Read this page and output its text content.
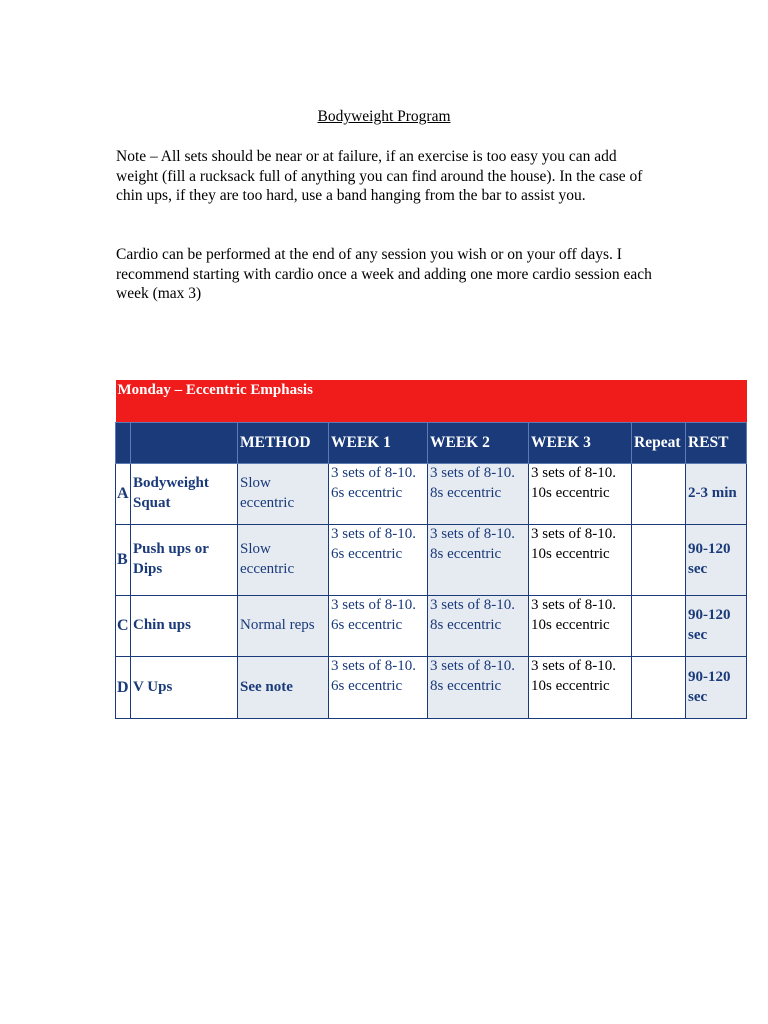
Bodyweight Program

Note – All sets should be near or at failure, if an exercise is too easy you can add weight (fill a rucksack full of anything you can find around the house). In the case of chin ups, if they are too hard, use a band hanging from the bar to assist you.

Cardio can be performed at the end of any session you wish or on your off days. I recommend starting with cardio once a week and adding one more cardio session each week (max 3)

Monday – Eccentric Emphasis							

		METHOD	WEEK 1	WEEK 2	WEEK 3	Repeat	REST
A	Bodyweight Squat	Slow eccentric	3 sets of 8-10. 6s eccentric	3 sets of 8-10. 8s eccentric	3 sets of 8-10. 10s eccentric		2-3 min
B	Push ups or Dips	Slow eccentric	3 sets of 8-10. 6s eccentric	3 sets of 8-10. 8s eccentric	3 sets of 8-10. 10s eccentric		90-120 sec
C	Chin ups	Normal reps	3 sets of 8-10. 6s eccentric	3 sets of 8-10. 8s eccentric	3 sets of 8-10. 10s eccentric		90-120 sec
D	V Ups	See note	3 sets of 8-10. 6s eccentric	3 sets of 8-10. 8s eccentric	3 sets of 8-10. 10s eccentric		90-120 sec
